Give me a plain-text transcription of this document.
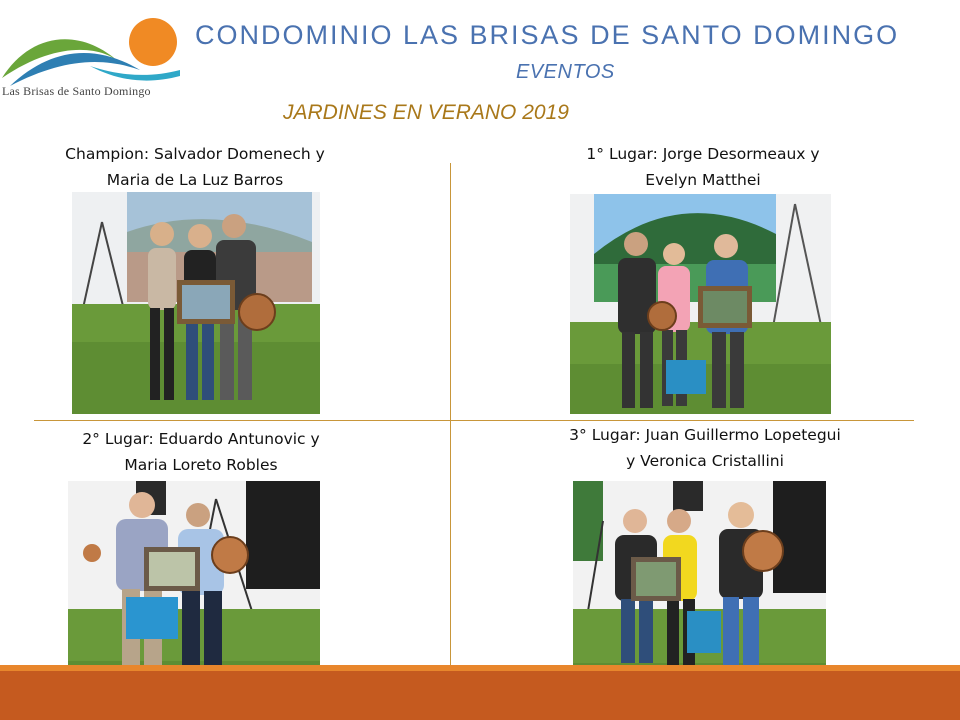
Las Brisas de Santo Domingo
CONDOMINIO LAS BRISAS DE SANTO DOMINGO
EVENTOS
JARDINES EN VERANO 2019
Champion: Salvador Domenech y
Maria de La Luz Barros
1° Lugar: Jorge Desormeaux y
Evelyn Matthei
2° Lugar: Eduardo Antunovic y
Maria Loreto Robles
3° Lugar: Juan Guillermo Lopetegui
y Veronica Cristallini
